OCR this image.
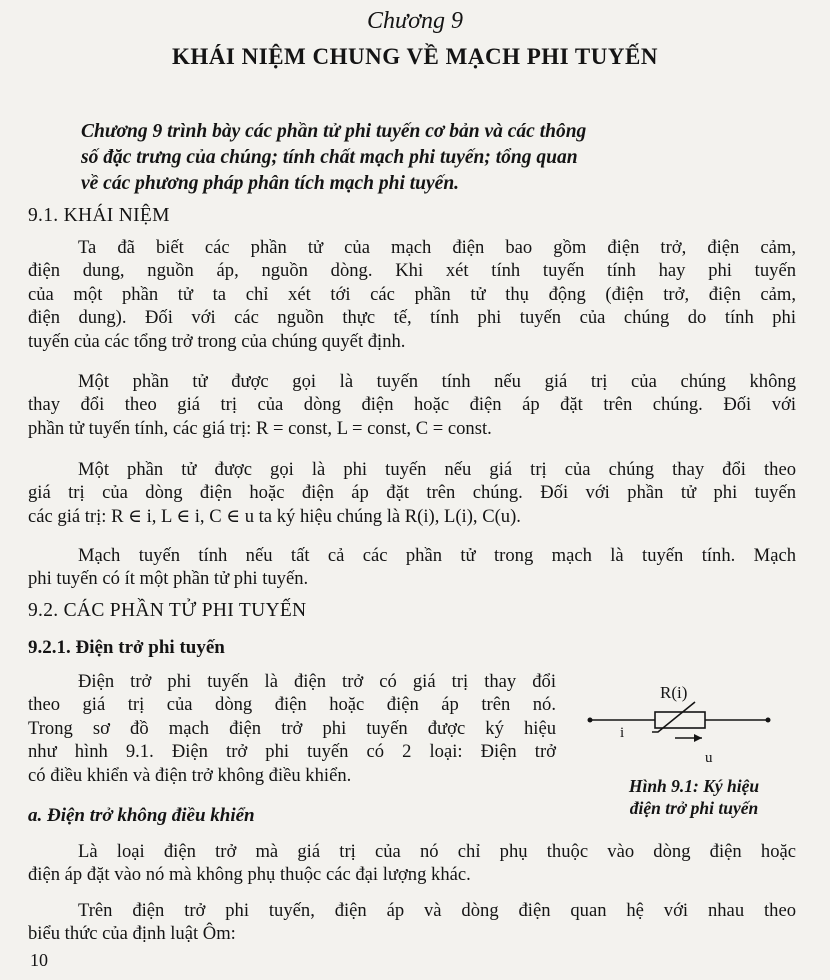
Chương 9
KHÁI NIỆM CHUNG VỀ MẠCH PHI TUYẾN
Chương 9 trình bày các phần tử phi tuyến cơ bản và các thông
số đặc trưng của chúng; tính chất mạch phi tuyến; tổng quan
về các phương pháp phân tích mạch phi tuyến.
9.1. KHÁI NIỆM
Ta đã biết các phần tử của mạch điện bao gồm điện trở, điện cảm,
điện dung, nguồn áp, nguồn dòng. Khi xét tính tuyến tính hay phi tuyến
của một phần tử ta chỉ xét tới các phần tử thụ động (điện trở, điện cảm,
điện dung). Đối với các nguồn thực tế, tính phi tuyến của chúng do tính phi
tuyến của các tổng trở trong của chúng quyết định.
Một phần tử được gọi là tuyến tính nếu giá trị của chúng không
thay đổi theo giá trị của dòng điện hoặc điện áp đặt trên chúng. Đối với
phần tử tuyến tính, các giá trị: R = const, L = const, C = const.
Một phần tử được gọi là phi tuyến nếu giá trị của chúng thay đổi theo
giá trị của dòng điện hoặc điện áp đặt trên chúng. Đối với phần tử phi tuyến
các giá trị: R ∈ i, L ∈ i, C ∈ u ta ký hiệu chúng là R(i), L(i), C(u).
Mạch tuyến tính nếu tất cả các phần tử trong mạch là tuyến tính. Mạch
phi tuyến có ít một phần tử phi tuyến.
9.2. CÁC PHẦN TỬ PHI TUYẾN
9.2.1. Điện trở phi tuyến
Điện trở phi tuyến là điện trở có giá trị thay đổi
theo giá trị của dòng điện hoặc điện áp trên nó.
Trong sơ đồ mạch điện trở phi tuyến được ký hiệu
như hình 9.1. Điện trở phi tuyến có 2 loại: Điện trở
có điều khiển và điện trở không điều khiển.
R(i)
i
u
Hình 9.1: Ký hiệu
điện trở phi tuyến
a. Điện trở không điều khiển
Là loại điện trở mà giá trị của nó chỉ phụ thuộc vào dòng điện hoặc
điện áp đặt vào nó mà không phụ thuộc các đại lượng khác.
Trên điện trở phi tuyến, điện áp và dòng điện quan hệ với nhau theo
biểu thức của định luật Ôm:
10
